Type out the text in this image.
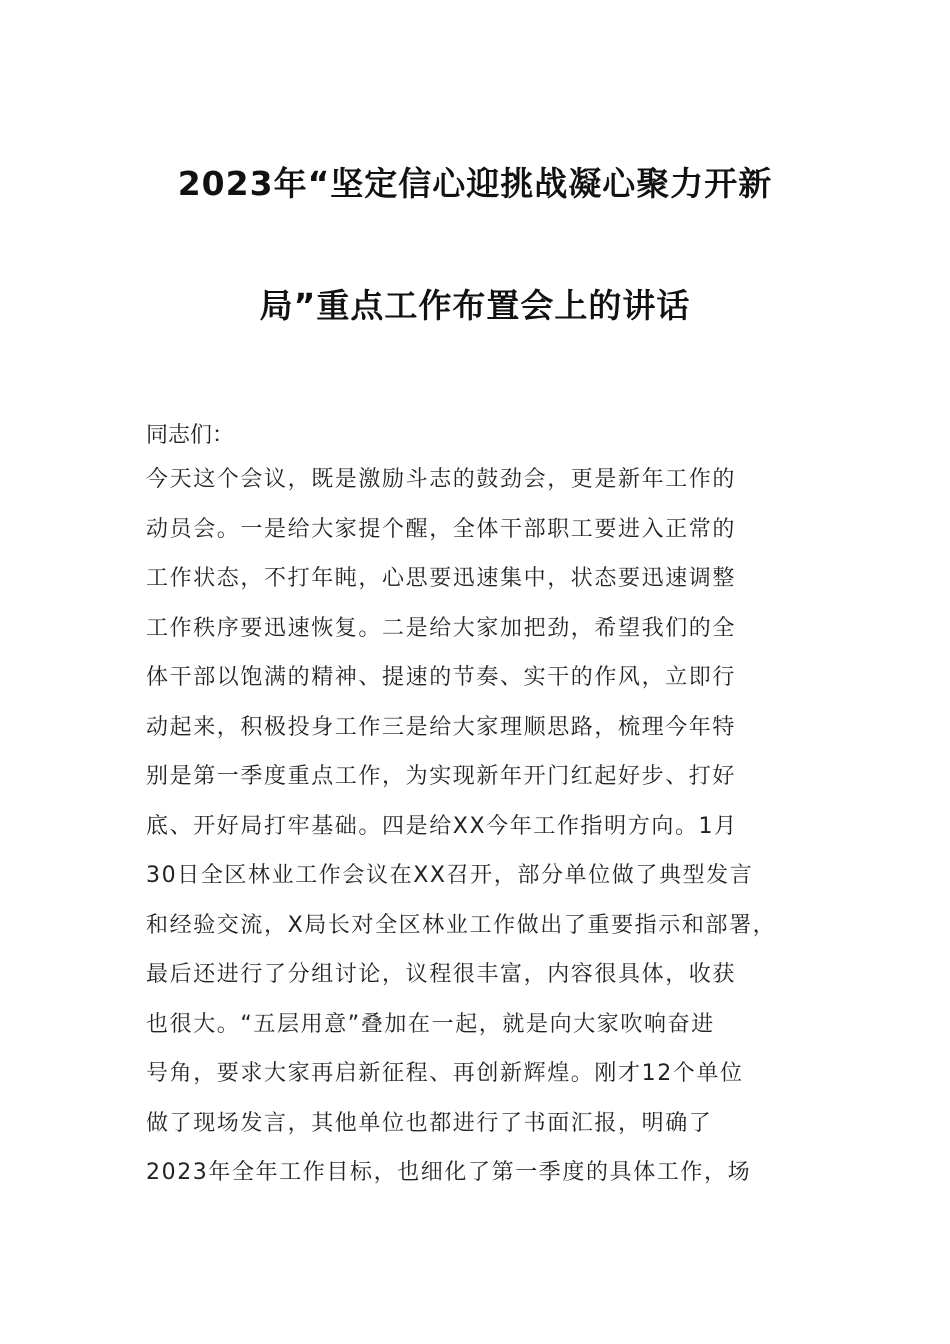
2023年“坚定信心迎挑战凝心聚力开新
局”重点工作布置会上的讲话
同志们：
今天这个会议，既是激励斗志的鼓劲会，更是新年工作的
动员会。一是给大家提个醒，全体干部职工要进入正常的
工作状态，不打年盹，心思要迅速集中，状态要迅速调整
工作秩序要迅速恢复。二是给大家加把劲，希望我们的全
体干部以饱满的精神、提速的节奏、实干的作风，立即行
动起来，积极投身工作三是给大家理顺思路，梳理今年特
别是第一季度重点工作，为实现新年开门红起好步、打好
底、开好局打牢基础。四是给XX今年工作指明方向。1月
30日全区林业工作会议在XX召开，部分单位做了典型发言
和经验交流，X局长对全区林业工作做出了重要指示和部署，
最后还进行了分组讨论，议程很丰富，内容很具体，收获
也很大。“五层用意”叠加在一起，就是向大家吹响奋进
号角，要求大家再启新征程、再创新辉煌。刚才12个单位
做了现场发言，其他单位也都进行了书面汇报，明确了
2023年全年工作目标，也细化了第一季度的具体工作，场
